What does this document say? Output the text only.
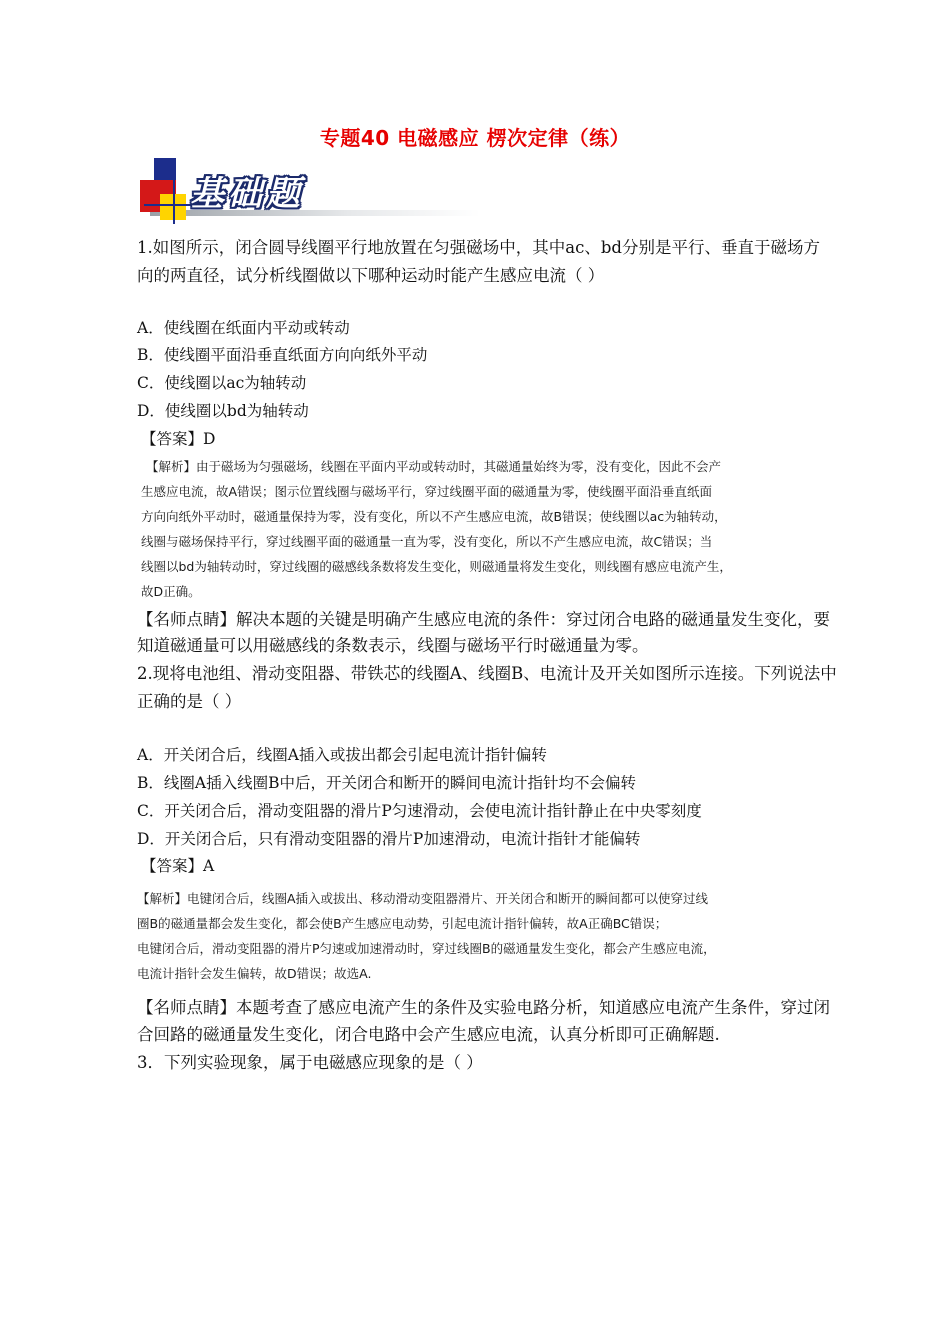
专题40 电磁感应 楞次定律（练）
基础题
1.如图所示，闭合圆导线圈平行地放置在匀强磁场中，其中ac、bd分别是平行、垂直于磁场方
向的两直径，试分析线圈做以下哪种运动时能产生感应电流（ ）
A．使线圈在纸面内平动或转动
B．使线圈平面沿垂直纸面方向向纸外平动
C．使线圈以ac为轴转动
D．使线圈以bd为轴转动
【答案】D
【解析】由于磁场为匀强磁场，线圈在平面内平动或转动时，其磁通量始终为零，没有变化，因此不会产
生感应电流，故A错误；图示位置线圈与磁场平行，穿过线圈平面的磁通量为零，使线圈平面沿垂直纸面
方向向纸外平动时，磁通量保持为零，没有变化，所以不产生感应电流，故B错误；使线圈以ac为轴转动，
线圈与磁场保持平行，穿过线圈平面的磁通量一直为零，没有变化，所以不产生感应电流，故C错误；当
线圈以bd为轴转动时，穿过线圈的磁感线条数将发生变化，则磁通量将发生变化，则线圈有感应电流产生，
故D正确。
【名师点睛】解决本题的关键是明确产生感应电流的条件：穿过闭合电路的磁通量发生变化，要
知道磁通量可以用磁感线的条数表示，线圈与磁场平行时磁通量为零。
2.现将电池组、滑动变阻器、带铁芯的线圈A、线圈B、电流计及开关如图所示连接。下列说法中
正确的是（ ）
A．开关闭合后，线圈A插入或拔出都会引起电流计指针偏转
B．线圈A插入线圈B中后，开关闭合和断开的瞬间电流计指针均不会偏转
C．开关闭合后，滑动变阻器的滑片P匀速滑动，会使电流计指针静止在中央零刻度
D．开关闭合后，只有滑动变阻器的滑片P加速滑动，电流计指针才能偏转
【答案】A
【解析】电键闭合后，线圈A插入或拔出、移动滑动变阻器滑片、开关闭合和断开的瞬间都可以使穿过线
圈B的磁通量都会发生变化，都会使B产生感应电动势，引起电流计指针偏转，故A正确BC错误；
电键闭合后，滑动变阻器的滑片P匀速或加速滑动时，穿过线圈B的磁通量发生变化，都会产生感应电流，
电流计指针会发生偏转，故D错误；故选A.
【名师点睛】本题考查了感应电流产生的条件及实验电路分析，知道感应电流产生条件，穿过闭
合回路的磁通量发生变化，闭合电路中会产生感应电流，认真分析即可正确解题.
3．下列实验现象，属于电磁感应现象的是（ ）
